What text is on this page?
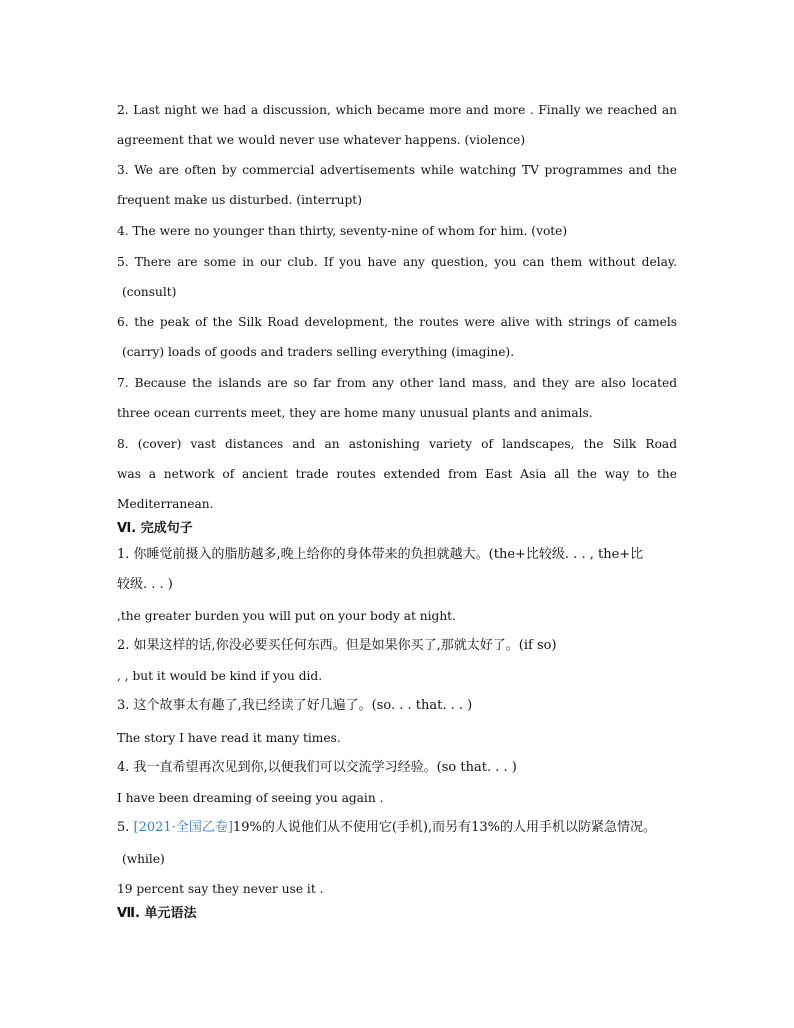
2. Last night we had a discussion, which became more and more . Finally we reached an
agreement that we would never use whatever happens. (violence)
3. We are often by commercial advertisements while watching TV programmes and the
frequent make us disturbed. (interrupt)
4. The were no younger than thirty, seventy-nine of whom for him. (vote)
5. There are some in our club. If you have any question, you can them without delay.
(consult)
6. the peak of the Silk Road development, the routes were alive with strings of camels
(carry) loads of goods and traders selling everything (imagine).
7. Because the islands are so far from any other land mass, and they are also located
three ocean currents meet, they are home many unusual plants and animals.
8. (cover) vast distances and an astonishing variety of landscapes, the Silk Road
was a network of ancient trade routes extended from East Asia all the way to the
Mediterranean.
Ⅵ. 完成句子
1. 你睡觉前摄入的脂肪越多,晚上给你的身体带来的负担就越大。(the+比较级. . . , the+比
较级. . . )
,the greater burden you will put on your body at night.
2. 如果这样的话,你没必要买任何东西。但是如果你买了,那就太好了。(if so)
, , but it would be kind if you did.
3. 这个故事太有趣了,我已经读了好几遍了。(so. . . that. . . )
The story I have read it many times.
4. 我一直希望再次见到你,以便我们可以交流学习经验。(so that. . . )
I have been dreaming of seeing you again .
5. [2021·全国乙卷]19%的人说他们从不使用它(手机),而另有13%的人用手机以防紧急情况。
(while)
19 percent say they never use it .
Ⅶ. 单元语法
